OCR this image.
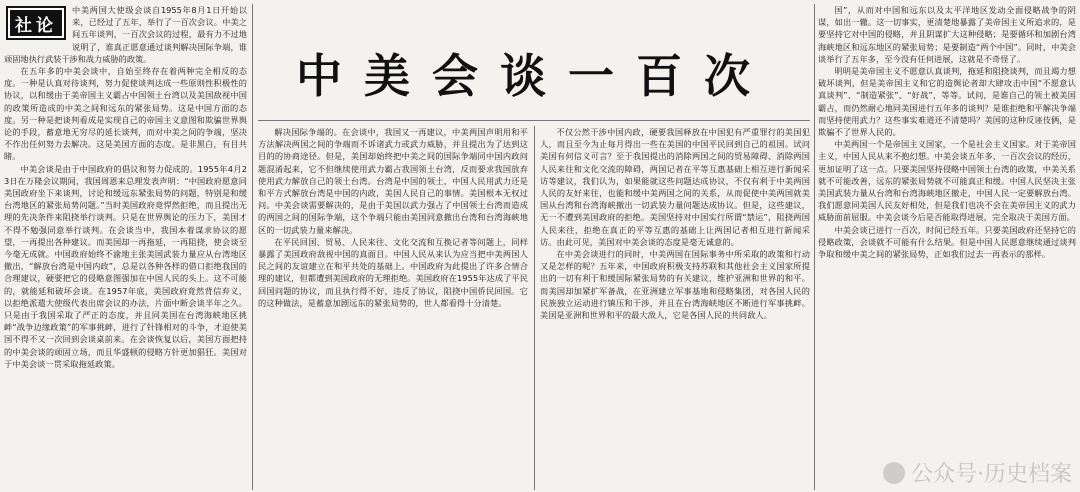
社论

中美两国大使级会谈自1955年8月1日开始以来，已经过了五年，举行了一百次会议。中美之间五年谈判，一百次会议的过程，最有力不过地说明了，谁真正愿意通过谈判解决国际争端，谁顽固地执行武装干涉和战力威胁的政策。

在五年多的中美会谈中，自始至终存在着两种完全相反的态度。一种是认真对待谈判，努力促使谈判达成一些原则性积极性的协议，以和缓由于美帝国主义霸占中国领土台湾以及美国敌视中国的政策所造成的中美之间和远东的紧张局势。这是中国方面的态度。另一种是把谈判看成是实现自己的帝国主义意图和欺骗世界舆论的手段，蓄意地无穷尽的延长谈判，而对中美之间的争端，坚决不作出任何努力去解决。这是美国方面的态度。是非黑白，有目共睹。

中美会谈是由于中国政府的倡议和努力促成的。1955年4月23日在万隆会议期间，我国周恩来总理发表声明：“中国政府愿意同美国政府坐下来谈判，讨论和缓远东紧张局势的问题，特别是和缓台湾地区的紧张局势问题。”当时美国政府竟悍然拒绝，而且提出无理的先决条件来阻挠举行谈判。只是在世界舆论的压力下，美国才不得不勉强同意举行谈判。在会谈当中，我国本着谋求协议的愿望，一再提出各种建议。而美国却一再拖延，一再阻挠，使会谈至今毫无成就。中国政府始终不渝地主张美国武装力量应从台湾地区撤出，“解放台湾是中国内政”，总是以各种各样的借口拒绝我国的合理建议，硬要把它的侵略意图强加在中国人民的头上。这不可能的，就能延和破坏会谈。在1957年底，美国政府竟然背信弃义，以拒绝派遣大使级代表出席会议的办法，片面中断会谈半年之久。只是由于我国采取了严正的态度，并且同美国在台湾海峡地区挑衅“战争边缘政策”的军事挑衅，进行了针锋相对的斗争，才迫使美国不得不又一次回到会谈桌前来。在会谈恢复以后，美国方面把持的中美会谈的顽固立场，而且华盛顿的侵略方针更加猖狂。美国对于中美会谈一贯采取拖延政策。

中美会谈一百次

解决国际争端的。在会谈中，我国又一再建议，中美两国声明用和平方法解决两国之间的争端而不诉诸武力或武力威胁，并且提出为了达到这目的的协商途径。但是，美国却始终把中美之间的国际争端同中国内政问题混淆起来，它不但继续使用武力霸占我国领土台湾，反而要求我国放弃使用武力解放自己的领土台湾。台湾是中国的领土，中国人民用武力还是和平方式解放台湾是中国的内政，美国人民自己的事情。美国根本无权过问。中美会谈需要解决的，是由于美国以武力强占了中国领土台湾而造成的两国之间的国际争端，这个争端只能由美国同意撤出台湾和台湾海峡地区的一切武装力量来解决。

在平民回国、贸易、人民来往、文化交流和互换记者等问题上，同样暴露了美国政府敌视中国的真面目。中国人民从来认为应当把中美两国人民之间的友谊建立在和平共处的基础上。中国政府为此提出了许多合情合理的建议，但都遭到美国政府的无理拒绝。美国政府在1955年达成了平民回国问题的协议，而且执行得不好，违反了协议，阻挠中国侨民回国。它的这种做法，是蓄意加剧远东的紧张局势的，世人都看得十分清楚。

不仅公然干涉中国内政，硬要我国释放在中国犯有严重罪行的美国犯人，而且至今为止每月得出一些在美国的中国平民回到自己的祖国。试问美国有何信义可言？至于我国提出的消除两国之间的贸易障碍、消除两国人民来往和文化交流的障碍，两国记者在平等互惠基础上相互进行新闻采访等建议，我们认为，如果能就这些问题达成协议，不仅有利于中美两国人民的友好来往，也能和缓中美两国之间的关系，从而促使中美两国就美国从台湾和台湾海峡撤出一切武装力量问题达成协议。但是，这些建议，无一不遭到美国政府的拒绝。美国坚持对中国实行所谓“禁运”，阻挠两国人民来往，拒绝在真正的平等互惠的基础上让两国记者相互进行新闻采访。由此可见，美国对中美会谈的态度是毫无诚意的。

在中美会谈进行的同时，中美两国在国际事务中所采取的政策和行动又是怎样的呢？五年来，中国政府积极支持苏联和其他社会主义国家所提出的一切有利于和缓国际紧张局势的有关建议，维护亚洲和世界的和平。而美国却加紧扩军备战，在亚洲建立军事基地和侵略集团，对各国人民的民族独立运动进行镇压和干涉，并且在台湾海峡地区不断进行军事挑衅。美国是亚洲和世界和平的最大敌人，它是各国人民的共同敌人。

国”，从而对中国和远东以及太平洋地区发动全面侵略战争的阴谋，如出一辙。这一切事实，更清楚地暴露了美帝国主义所追求的，是要坚持它对中国的侵略，并且阴谋扩大这种侵略；是要循环和加剧台湾海峡地区和远东地区的紧张局势；是要制造“两个中国”。同时，中美会谈举行了五年多，至今没有任何进展，这就是不奇怪了。

明明是美帝国主义不愿意认真谈判，拖延和阻挠谈判，而且竭力想破坏谈判，但是美帝国主义和它的造舆论者却大肆攻击中国“不愿意认真谈判”、“制造紧张”、“好战”，等等。试问，是谁自己的领土被美国霸占，而仍然耐心地同美国进行五年多的谈判？是谁拒绝和平解决争端而坚持使用武力？这些事实难道还不清楚吗？美国的这种反诬伎俩，是欺骗不了世界人民的。

中美两国一个是帝国主义国家，一个是社会主义国家。对于美帝国主义，中国人民从来不抱幻想。中美会谈五年多、一百次会议的经历，更加证明了这一点。只要美国坚持侵略中国领土台湾的政策，中美关系就不可能改善，远东的紧张局势就不可能真正和缓。中国人民坚决主张美国武装力量从台湾和台湾海峡地区撤走，中国人民一定要解放台湾。我们愿意同美国人民友好相处，但是我们也决不会在美帝国主义的武力威胁面前屈服。中美会谈今后是否能取得进展，完全取决于美国方面。

中美会谈已进行一百次，时间已经五年。只要美国政府还坚持它的侵略政策，会谈就不可能有什么结果。但是中国人民愿意继续通过谈判争取和缓中美之间的紧张局势，正如我们过去一再表示的那样。

公众号·历史档案
